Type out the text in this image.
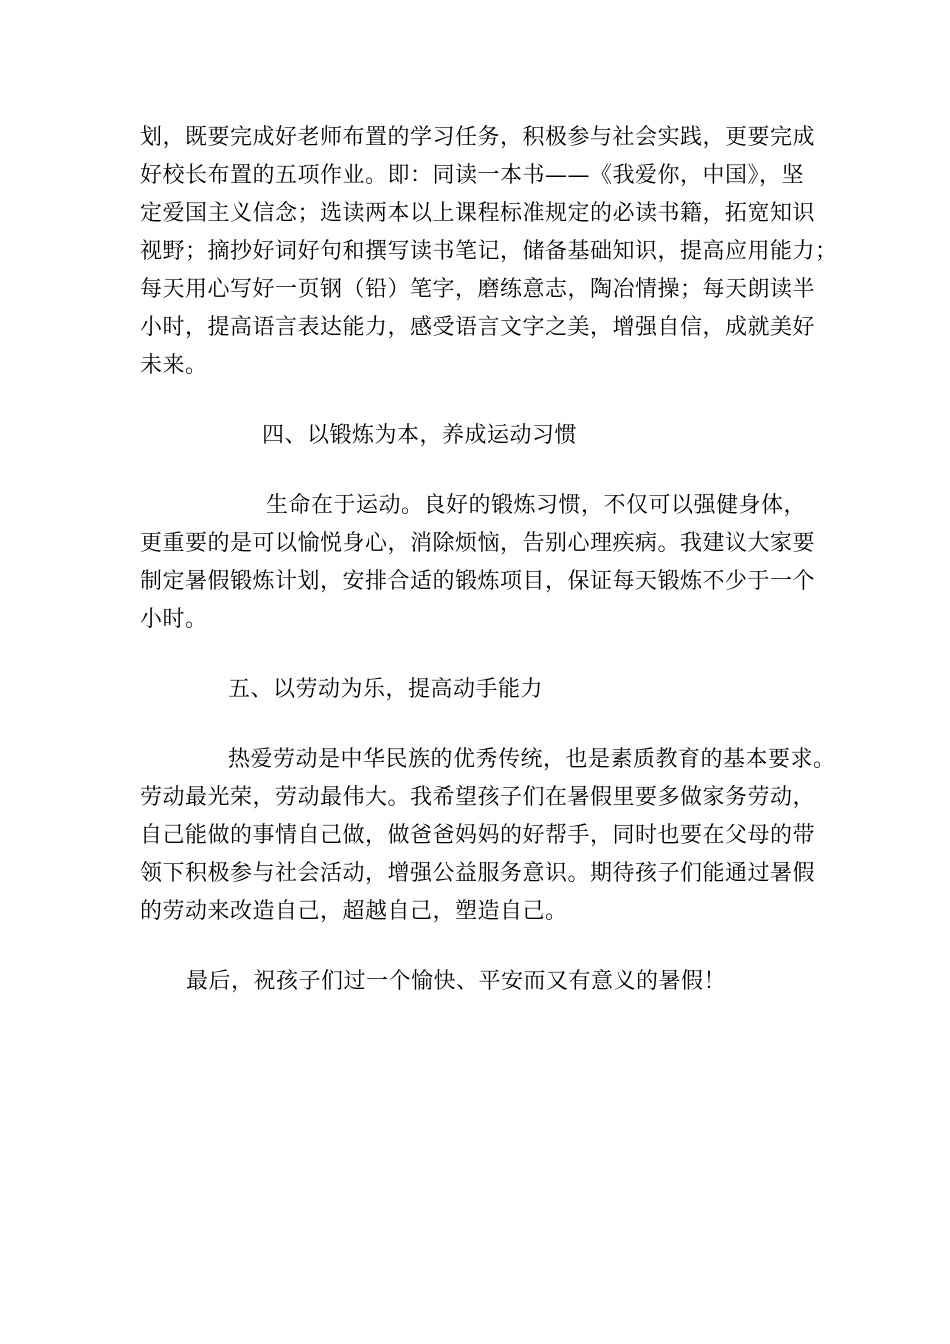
划，既要完成好老师布置的学习任务，积极参与社会实践，更要完成
好校长布置的五项作业。即：同读一本书——《我爱你，中国》，坚
定爱国主义信念；选读两本以上课程标准规定的必读书籍，拓宽知识
视野；摘抄好词好句和撰写读书笔记，储备基础知识，提高应用能力；
每天用心写好一页钢（铅）笔字，磨练意志，陶冶情操；每天朗读半
小时，提高语言表达能力，感受语言文字之美，增强自信，成就美好
未来。
四、以锻炼为本，养成运动习惯
生命在于运动。良好的锻炼习惯，不仅可以强健身体，
更重要的是可以愉悦身心，消除烦恼，告别心理疾病。我建议大家要
制定暑假锻炼计划，安排合适的锻炼项目，保证每天锻炼不少于一个
小时。
五、以劳动为乐，提高动手能力
热爱劳动是中华民族的优秀传统，也是素质教育的基本要求。
劳动最光荣，劳动最伟大。我希望孩子们在暑假里要多做家务劳动，
自己能做的事情自己做，做爸爸妈妈的好帮手，同时也要在父母的带
领下积极参与社会活动，增强公益服务意识。期待孩子们能通过暑假
的劳动来改造自己，超越自己，塑造自己。
最后，祝孩子们过一个愉快、平安而又有意义的暑假！
